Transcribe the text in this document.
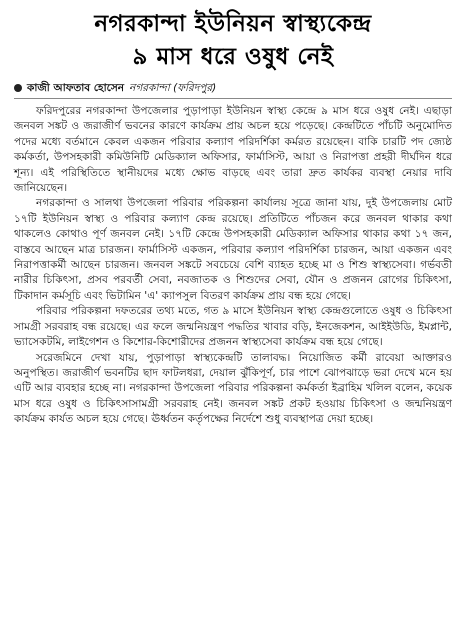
নগরকান্দা ইউনিয়ন স্বাস্থ্যকেন্দ্র
৯ মাস ধরে ওষুধ নেই
কাজী আফতাব হোসেন নগরকান্দা (ফরিদপুর)

ফরিদপুরের নগরকান্দা উপজেলার পুড়াপাড়া ইউনিয়ন স্বাস্থ্য কেন্দ্রে ৯ মাস ধরে ওষুধ নেই। এছাড়া জনবল সঙ্কট ও জরাজীর্ণ ভবনের কারণে কার্যক্রম প্রায় অচল হয়ে পড়েছে। কেন্দ্রটিতে পাঁচটি অনুমোদিত পদের মধ্যে বর্তমানে কেবল একজন পরিবার কল্যাণ পরিদর্শিকা কর্মরত রয়েছেন। বাকি চারটি পদ জ্যেষ্ঠ কর্মকর্তা, উপসহকারী কমিউনিটি মেডিক্যাল অফিসার, ফার্মাসিস্ট, আয়া ও নিরাপত্তা প্রহরী দীর্ঘদিন ধরে শূন্য। এই পরিস্থিতিতে স্থানীয়দের মধ্যে ক্ষোভ বাড়ছে এবং তারা দ্রুত কার্যকর ব্যবস্থা নেয়ার দাবি জানিয়েছেন।

নগরকান্দা ও সালথা উপজেলা পরিবার পরিকল্পনা কার্যালয় সূত্রে জানা যায়, দুই উপজেলায় মোট ১৭টি ইউনিয়ন স্বাস্থ্য ও পরিবার কল্যাণ কেন্দ্র রয়েছে। প্রতিটিতে পাঁচজন করে জনবল থাকার কথা থাকলেও কোথাও পূর্ণ জনবল নেই। ১৭টি কেন্দ্রে উপসহকারী মেডিক্যাল অফিসার থাকার কথা ১৭ জন, বাস্তবে আছেন মাত্র চারজন। ফার্মাসিস্ট একজন, পরিবার কল্যাণ পরিদর্শিকা চারজন, আয়া একজন এবং নিরাপত্তাকর্মী আছেন চারজন। জনবল সঙ্কটে সবচেয়ে বেশি ব্যাহত হচ্ছে মা ও শিশু স্বাস্থ্যসেবা। গর্ভবতী নারীর চিকিৎসা, প্রসব পরবর্তী সেবা, নবজাতক ও শিশুদের সেবা, যৌন ও প্রজনন রোগের চিকিৎসা, টিকাদান কর্মসূচি এবং ভিটামিন 'এ' ক্যাপসুল বিতরণ কার্যক্রম প্রায় বন্ধ হয়ে গেছে।

পরিবার পরিকল্পনা দফতরের তথ্য মতে, গত ৯ মাসে ইউনিয়ন স্বাস্থ্য কেন্দ্রগুলোতে ওষুধ ও চিকিৎসা সামগ্রী সরবরাহ বন্ধ রয়েছে। এর ফলে জন্মনিয়ন্ত্রণ পদ্ধতির খাবার বড়ি, ইনজেকশন, আইইউডি, ইমপ্লান্ট, ভ্যাসেকটমি, লাইগেশন ও কিশোর-কিশোরীদের প্রজনন স্বাস্থ্যসেবা কার্যক্রম বন্ধ হয়ে গেছে।

সরেজমিনে দেখা যায়, পুড়াপাড়া স্বাস্থ্যকেন্দ্রটি তালাবদ্ধ। নিয়োজিত কর্মী রাবেয়া আক্তারও অনুপস্থিত। জরাজীর্ণ ভবনটির ছাদ ফাটলধরা, দেয়াল ঝুঁকিপূর্ণ, চার পাশে ঝোপঝাড়ে ভরা দেখে মনে হয় এটি আর ব্যবহার হচ্ছে না। নগরকান্দা উপজেলা পরিবার পরিকল্পনা কর্মকর্তা ইব্রাহিম খলিল বলেন, কয়েক মাস ধরে ওষুধ ও চিকিৎসাসামগ্রী সরবরাহ নেই। জনবল সঙ্কট প্রকট হওয়ায় চিকিৎসা ও জন্মনিয়ন্ত্রণ কার্যক্রম কার্যত অচল হয়ে গেছে। ঊর্ধ্বতন কর্তৃপক্ষের নির্দেশে শুধু ব্যবস্থাপত্র দেয়া হচ্ছে।
